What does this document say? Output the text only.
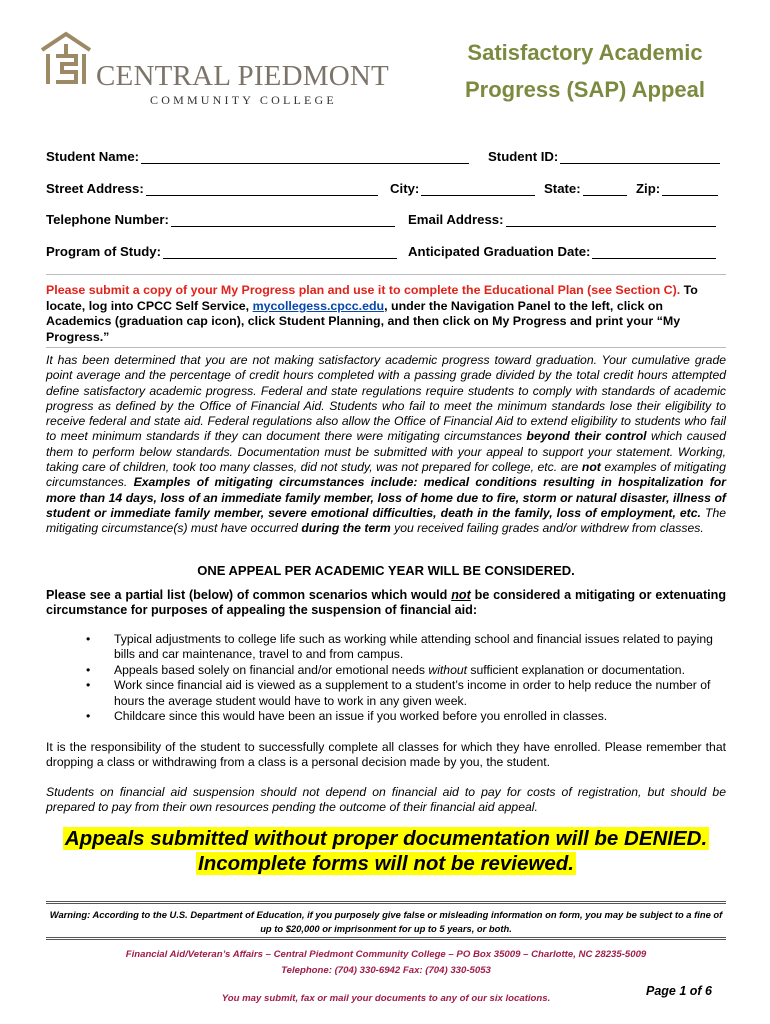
CENTRAL PIEDMONT
COMMUNITY COLLEGE
Satisfactory Academic
Progress (SAP) Appeal
Student Name:	Student ID:
Street Address:	City:	State:	Zip:
Telephone Number:	Email Address:
Program of Study:	Anticipated Graduation Date:
Please submit a copy of your My Progress plan and use it to complete the Educational Plan (see Section C). To locate, log into CPCC Self Service, mycollegess.cpcc.edu, under the Navigation Panel to the left, click on Academics (graduation cap icon), click Student Planning, and then click on My Progress and print your “My Progress.”
It has been determined that you are not making satisfactory academic progress toward graduation. Your cumulative grade point average and the percentage of credit hours completed with a passing grade divided by the total credit hours attempted define satisfactory academic progress. Federal and state regulations require students to comply with standards of academic progress as defined by the Office of Financial Aid. Students who fail to meet the minimum standards lose their eligibility to receive federal and state aid. Federal regulations also allow the Office of Financial Aid to extend eligibility to students who fail to meet minimum standards if they can document there were mitigating circumstances beyond their control which caused them to perform below standards. Documentation must be submitted with your appeal to support your statement. Working, taking care of children, took too many classes, did not study, was not prepared for college, etc. are not examples of mitigating circumstances. Examples of mitigating circumstances include: medical conditions resulting in hospitalization for more than 14 days, loss of an immediate family member, loss of home due to fire, storm or natural disaster, illness of student or immediate family member, severe emotional difficulties, death in the family, loss of employment, etc. The mitigating circumstance(s) must have occurred during the term you received failing grades and/or withdrew from classes.
ONE APPEAL PER ACADEMIC YEAR WILL BE CONSIDERED.
Please see a partial list (below) of common scenarios which would not be considered a mitigating or extenuating circumstance for purposes of appealing the suspension of financial aid:
• Typical adjustments to college life such as working while attending school and financial issues related to paying bills and car maintenance, travel to and from campus.
• Appeals based solely on financial and/or emotional needs without sufficient explanation or documentation.
• Work since financial aid is viewed as a supplement to a student’s income in order to help reduce the number of hours the average student would have to work in any given week.
• Childcare since this would have been an issue if you worked before you enrolled in classes.
It is the responsibility of the student to successfully complete all classes for which they have enrolled. Please remember that dropping a class or withdrawing from a class is a personal decision made by you, the student.
Students on financial aid suspension should not depend on financial aid to pay for costs of registration, but should be prepared to pay from their own resources pending the outcome of their financial aid appeal.
Appeals submitted without proper documentation will be DENIED.
Incomplete forms will not be reviewed.
Warning: According to the U.S. Department of Education, if you purposely give false or misleading information on form, you may be subject to a fine of up to $20,000 or imprisonment for up to 5 years, or both.
Financial Aid/Veteran’s Affairs – Central Piedmont Community College – PO Box 35009 – Charlotte, NC 28235-5009
Telephone: (704) 330-6942 Fax: (704) 330-5053
You may submit, fax or mail your documents to any of our six locations.
Page 1 of 6
